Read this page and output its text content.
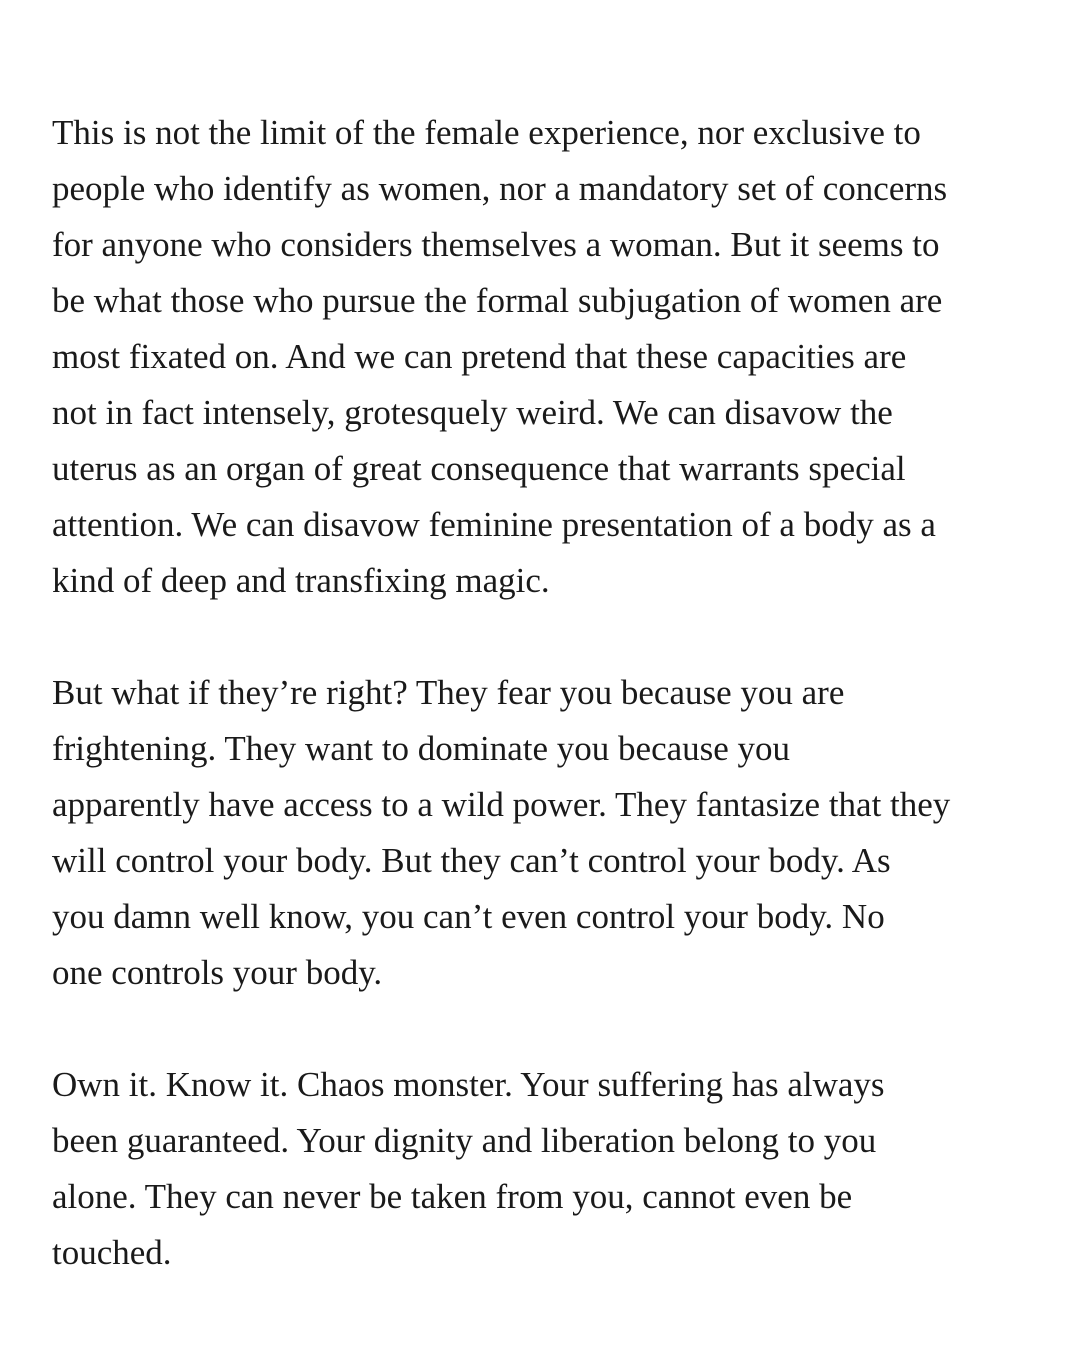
This is not the limit of the female experience, nor exclusive to
people who identify as women, nor a mandatory set of concerns
for anyone who considers themselves a woman. But it seems to
be what those who pursue the formal subjugation of women are
most fixated on. And we can pretend that these capacities are
not in fact intensely, grotesquely weird. We can disavow the
uterus as an organ of great consequence that warrants special
attention. We can disavow feminine presentation of a body as a
kind of deep and transfixing magic.

But what if they’re right? They fear you because you are
frightening. They want to dominate you because you
apparently have access to a wild power. They fantasize that they
will control your body. But they can’t control your body. As
you damn well know, you can’t even control your body. No
one controls your body.

Own it. Know it. Chaos monster. Your suffering has always
been guaranteed. Your dignity and liberation belong to you
alone. They can never be taken from you, cannot even be
touched.
